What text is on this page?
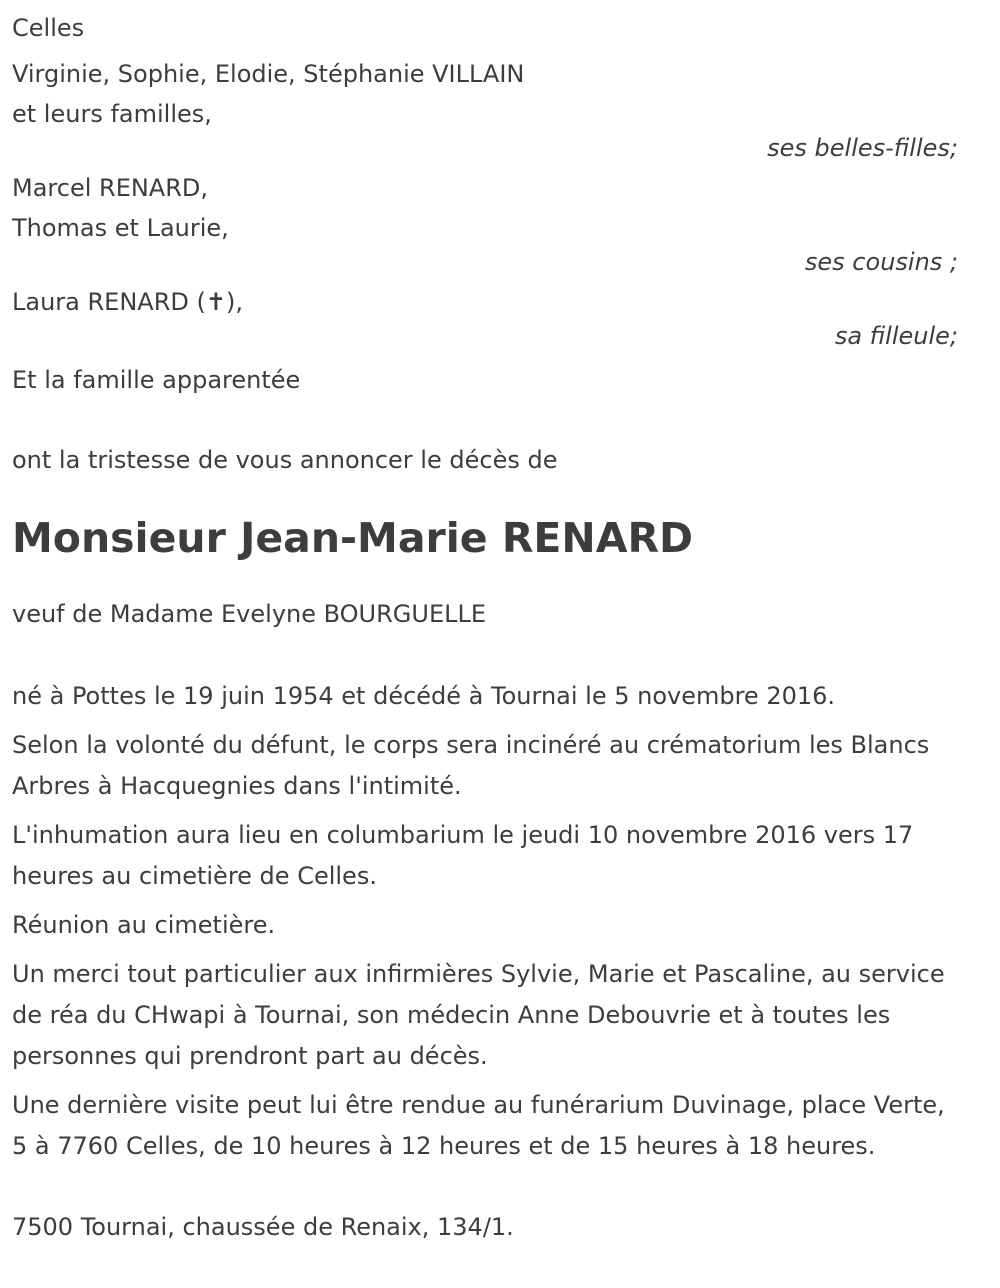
Celles

Virginie, Sophie, Elodie, Stéphanie VILLAIN

et leurs familles,

ses belles-filles;

Marcel RENARD,

Thomas et Laurie,

ses cousins ;

Laura RENARD (✝),

sa filleule;

Et la famille apparentée

ont la tristesse de vous annoncer le décès de

Monsieur Jean-Marie RENARD

veuf de Madame Evelyne BOURGUELLE

né à Pottes le 19 juin 1954 et décédé à Tournai le 5 novembre 2016.

Selon la volonté du défunt, le corps sera incinéré au crématorium les Blancs Arbres à Hacquegnies dans l'intimité.

L'inhumation aura lieu en columbarium le jeudi 10 novembre 2016 vers 17 heures au cimetière de Celles.

Réunion au cimetière.

Un merci tout particulier aux infirmières Sylvie, Marie et Pascaline, au service de réa du CHwapi à Tournai, son médecin Anne Debouvrie et à toutes les personnes qui prendront part au décès.

Une dernière visite peut lui être rendue au funérarium Duvinage, place Verte, 5 à 7760 Celles, de 10 heures à 12 heures et de 15 heures à 18 heures.

7500 Tournai, chaussée de Renaix, 134/1.
